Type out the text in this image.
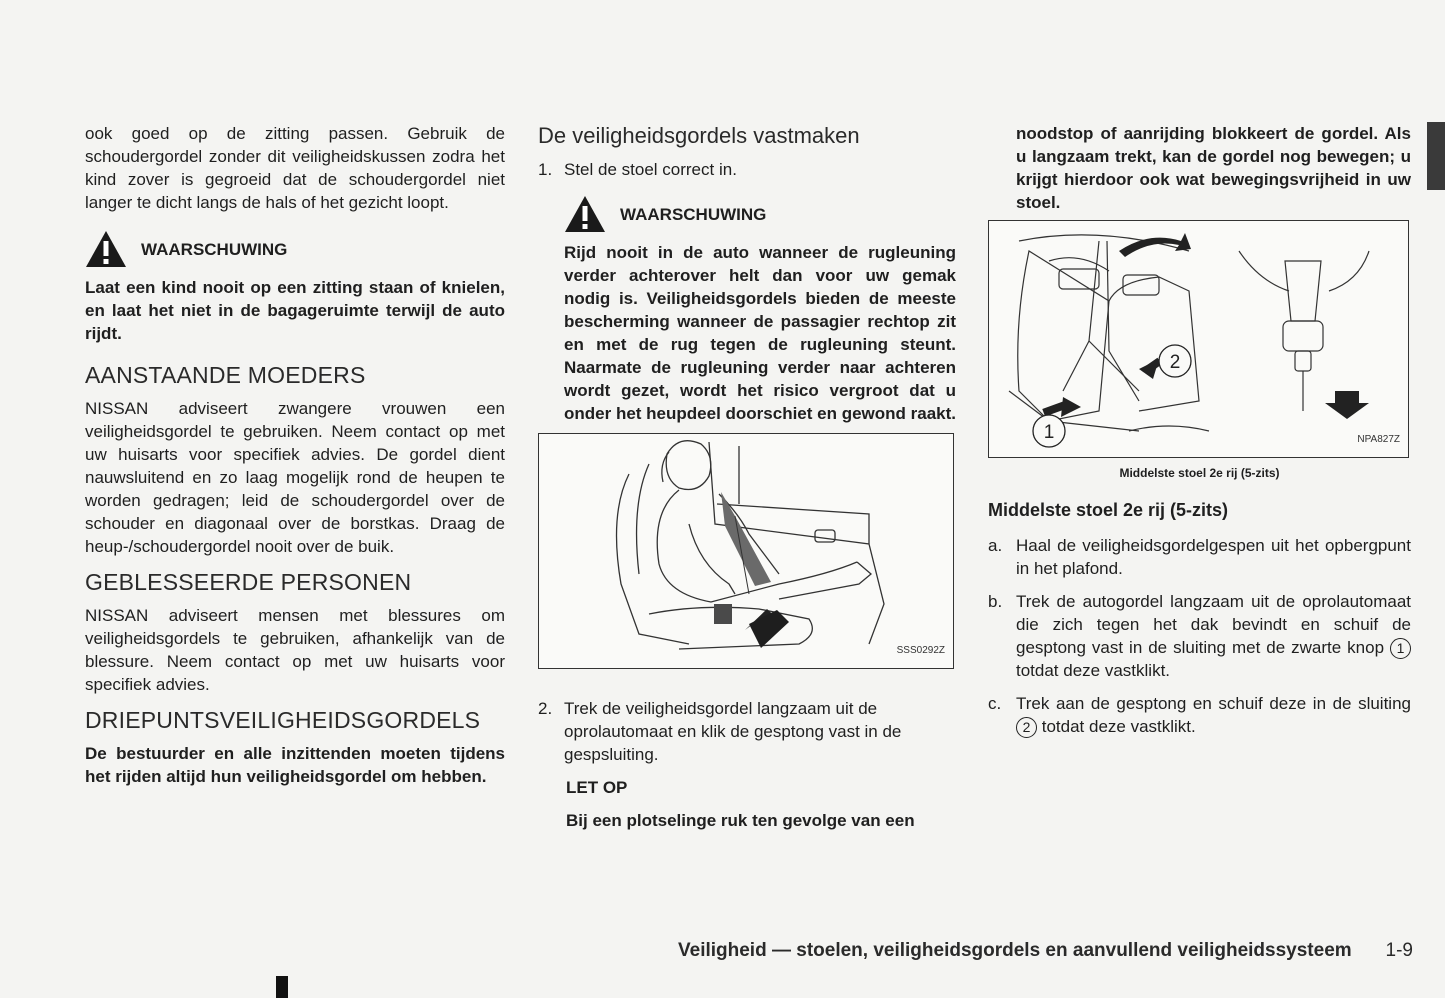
ook goed op de zitting passen. Gebruik de schoudergordel zonder dit veiligheidskussen zodra het kind zover is gegroeid dat de schoudergordel niet langer te dicht langs de hals of het gezicht loopt.

WAARSCHUWING

Laat een kind nooit op een zitting staan of knielen, en laat het niet in de bagageruimte terwijl de auto rijdt.

AANSTAANDE MOEDERS

NISSAN adviseert zwangere vrouwen een veiligheidsgordel te gebruiken. Neem contact op met uw huisarts voor specifiek advies. De gordel dient nauwsluitend en zo laag mogelijk rond de heupen te worden gedragen; leid de schoudergordel over de schouder en diagonaal over de borstkas. Draag de heup-/schoudergordel nooit over de buik.

GEBLESSEERDE PERSONEN

NISSAN adviseert mensen met blessures om veiligheidsgordels te gebruiken, afhankelijk van de blessure. Neem contact op met uw huisarts voor specifiek advies.

DRIEPUNTSVEILIGHEIDSGORDELS

De bestuurder en alle inzittenden moeten tijdens het rijden altijd hun veiligheidsgordel om hebben.

De veiligheidsgordels vastmaken
1. Stel de stoel correct in.
WAARSCHUWING

Rijd nooit in de auto wanneer de rugleuning verder achterover helt dan voor uw gemak nodig is. Veiligheidsgordels bieden de meeste bescherming wanneer de passagier rechtop zit en met de rug tegen de rugleuning steunt. Naarmate de rugleuning verder naar achteren wordt gezet, wordt het risico vergroot dat u onder het heupdeel doorschiet en gewond raakt.

SSS0292Z
2. Trek de veiligheidsgordel langzaam uit de oprolautomaat en klik de gesptong vast in de gespsluiting.

LET OP

Bij een plotselinge ruk ten gevolge van een

noodstop of aanrijding blokkeert de gordel. Als u langzaam trekt, kan de gordel nog bewegen; u krijgt hierdoor ook wat bewegingsvrijheid in uw stoel.

2
1	NPA827Z
Middelste stoel 2e rij (5-zits)

Middelste stoel 2e rij (5-zits)

a. Haal de veiligheidsgordelgespen uit het opbergpunt in het plafond.
b. Trek de autogordel langzaam uit de oprolautomaat die zich tegen het dak bevindt en schuif de gesptong vast in de sluiting met de zwarte knop 1 totdat deze vastklikt.
c. Trek aan de gesptong en schuif deze in de sluiting 2 totdat deze vastklikt.
Veiligheid — stoelen, veiligheidsgordels en aanvullend veiligheidssysteem 1-9
